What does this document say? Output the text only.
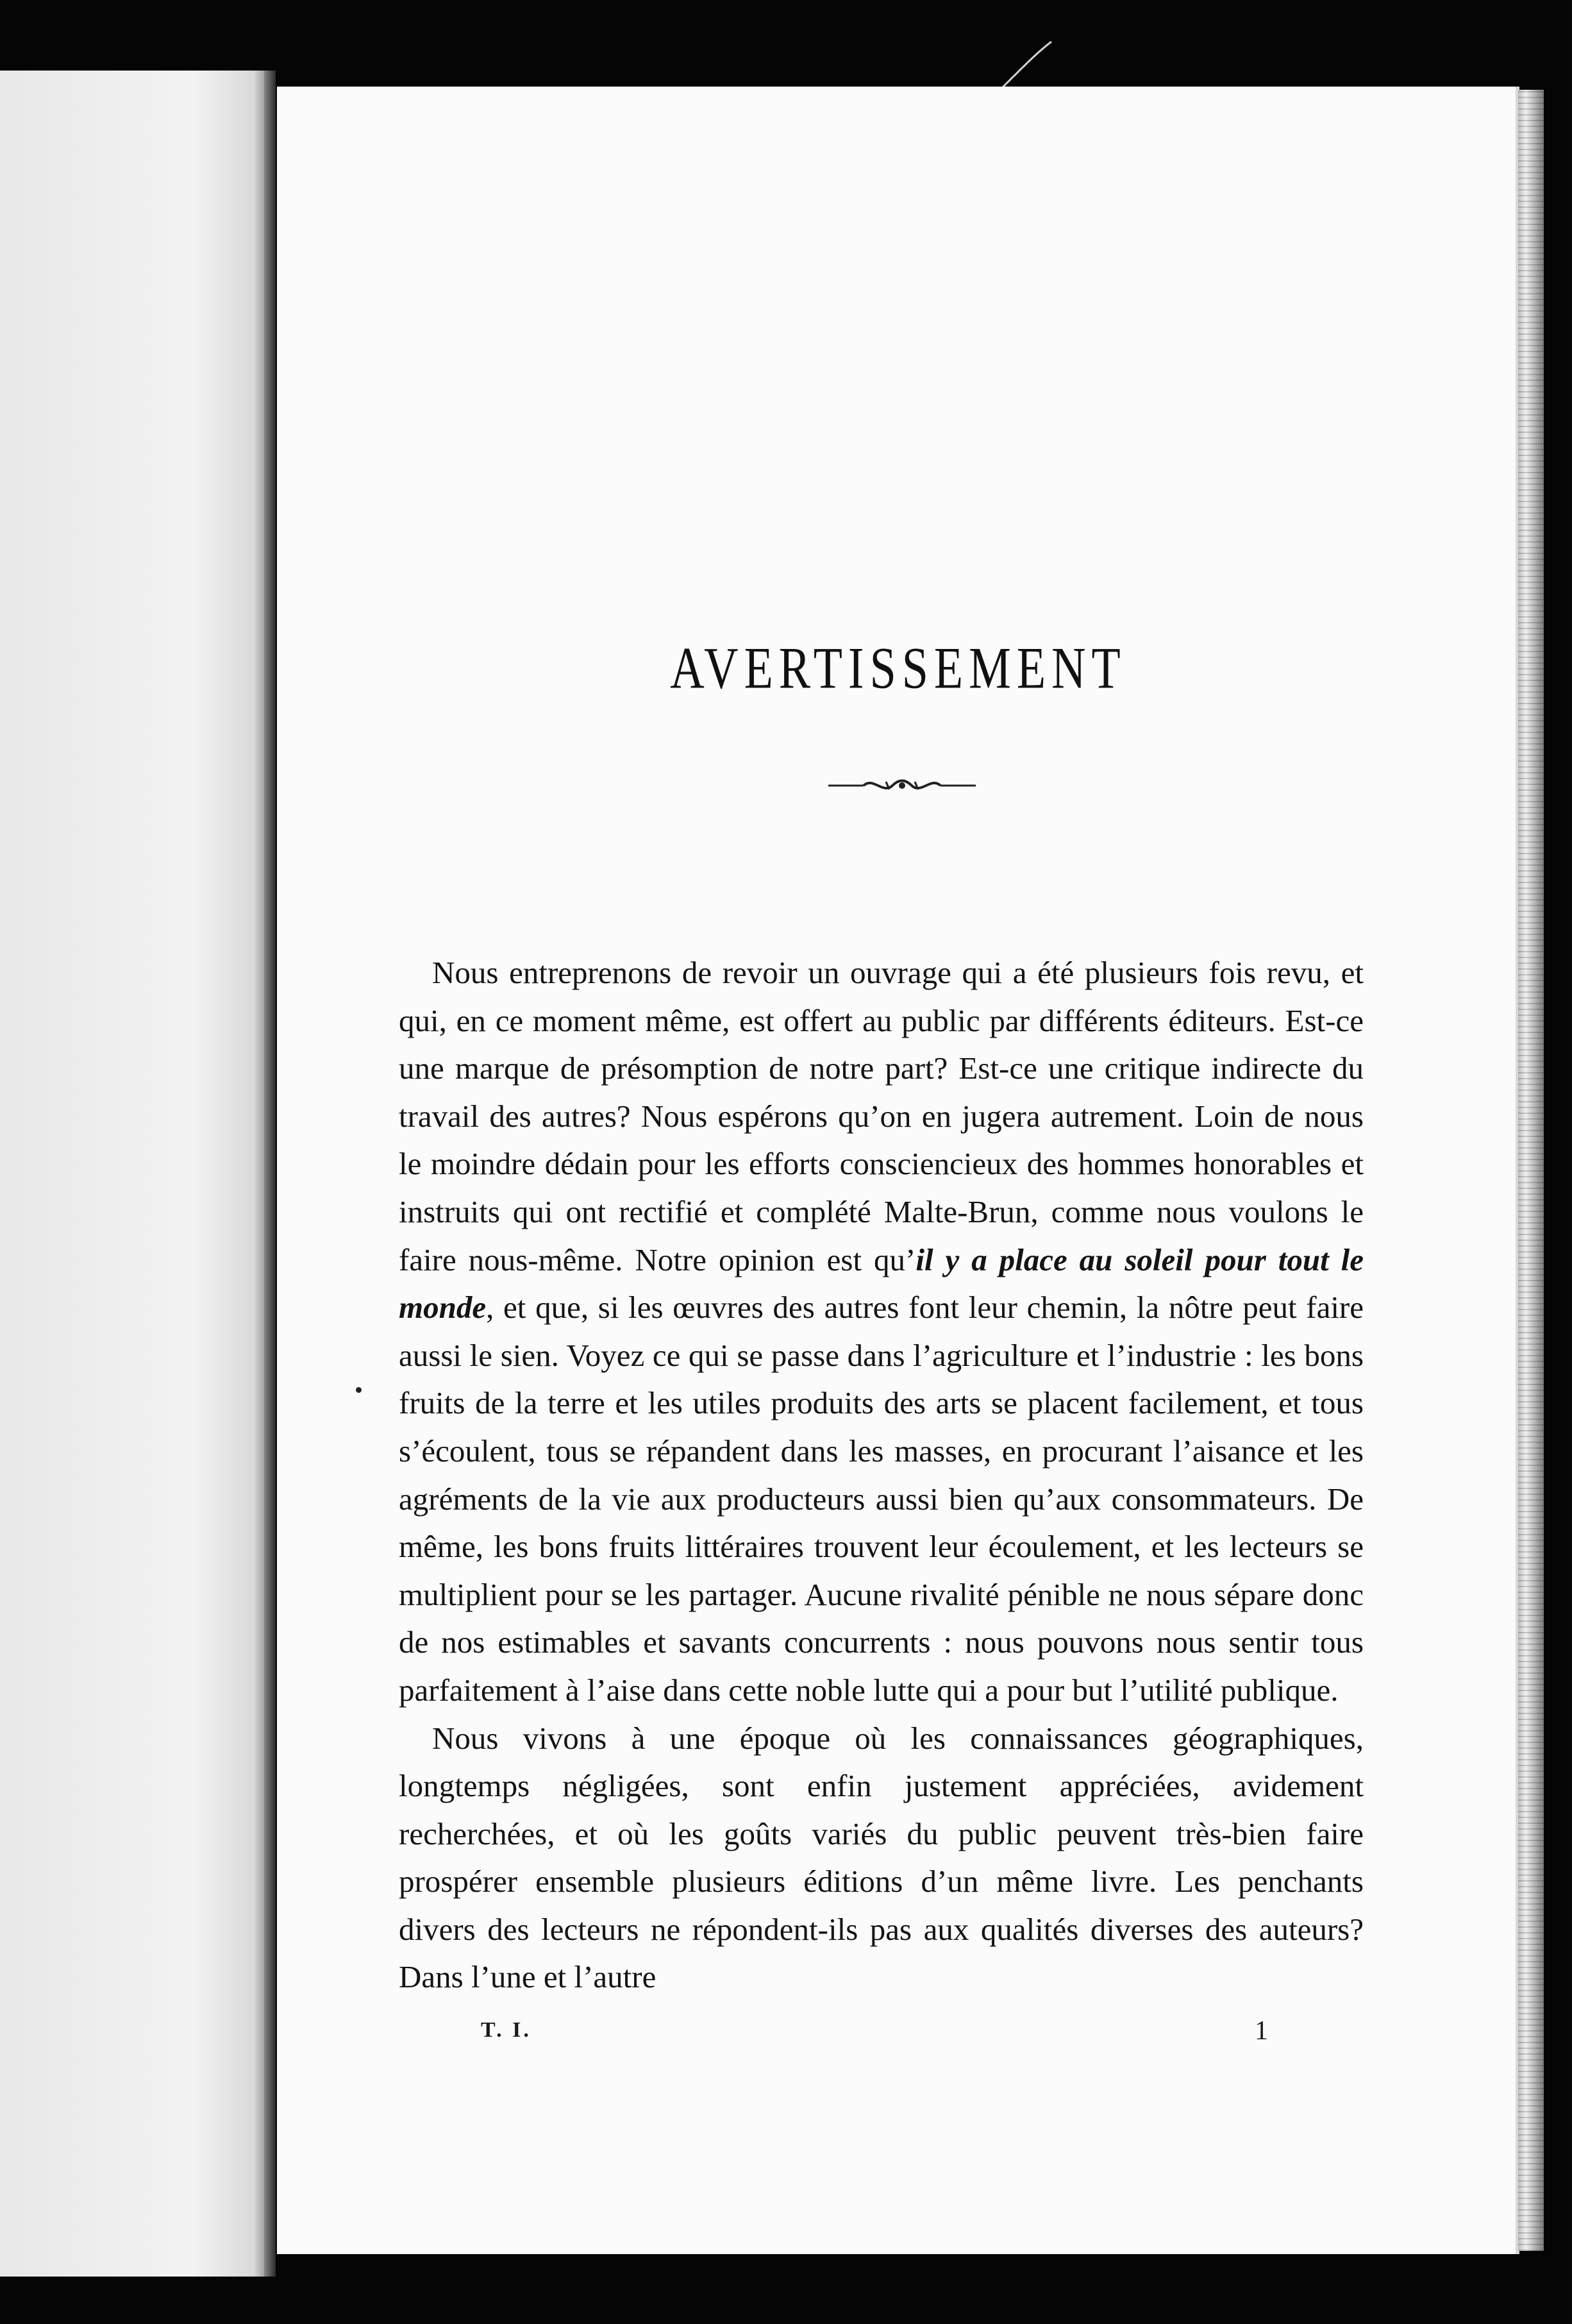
AVERTISSEMENT

Nous entreprenons de revoir un ouvrage qui a été plusieurs fois revu, et qui, en ce moment même, est offert au public par différents éditeurs. Est-ce une marque de présomption de notre part? Est-ce une critique indirecte du travail des autres? Nous espérons qu’on en jugera autrement. Loin de nous le moindre dédain pour les efforts consciencieux des hommes honorables et instruits qui ont rectifié et complété Malte-Brun, comme nous voulons le faire nous-même. Notre opinion est qu’il y a place au soleil pour tout le monde, et que, si les œuvres des autres font leur chemin, la nôtre peut faire aussi le sien. Voyez ce qui se passe dans l’agriculture et l’industrie : les bons fruits de la terre et les utiles produits des arts se placent facilement, et tous s’écoulent, tous se répandent dans les masses, en procurant l’aisance et les agréments de la vie aux producteurs aussi bien qu’aux consommateurs. De même, les bons fruits littéraires trouvent leur écoulement, et les lecteurs se multiplient pour se les partager. Aucune rivalité pénible ne nous sépare donc de nos estimables et savants concurrents : nous pouvons nous sentir tous parfaitement à l’aise dans cette noble lutte qui a pour but l’utilité publique.

Nous vivons à une époque où les connaissances géographiques, longtemps négligées, sont enfin justement appréciées, avidement recherchées, et où les goûts variés du public peuvent très-bien faire prospérer ensemble plusieurs éditions d’un même livre. Les penchants divers des lecteurs ne répondent-ils pas aux qualités diverses des auteurs? Dans l’une et l’autre

T. I.	1
